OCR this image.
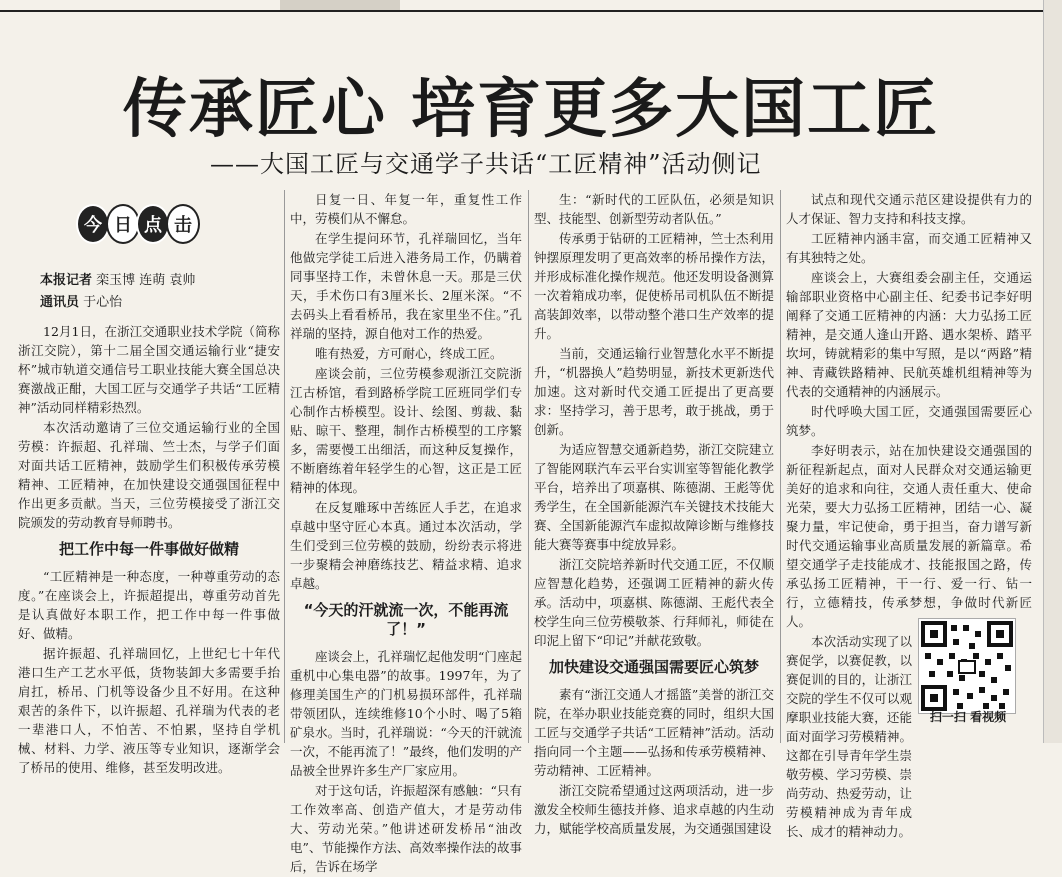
传承匠心 培育更多大国工匠
——大国工匠与交通学子共话“工匠精神”活动侧记
今 日 点 击
本报记者 栾玉博 连萌 袁帅
通讯员 于心怡

12月1日，在浙江交通职业技术学院（简称浙江交院），第十二届全国交通运输行业“捷安杯”城市轨道交通信号工职业技能大赛全国总决赛激战正酣，大国工匠与交通学子共话“工匠精神”活动同样精彩热烈。

本次活动邀请了三位交通运输行业的全国劳模：许振超、孔祥瑞、竺士杰，与学子们面对面共话工匠精神，鼓励学生们积极传承劳模精神、工匠精神，在加快建设交通强国征程中作出更多贡献。当天，三位劳模接受了浙江交院颁发的劳动教育导师聘书。

把工作中每一件事做好做精

“工匠精神是一种态度，一种尊重劳动的态度。”在座谈会上，许振超提出，尊重劳动首先是认真做好本职工作，把工作中每一件事做好、做精。

据许振超、孔祥瑞回忆，上世纪七十年代港口生产工艺水平低，货物装卸大多需要手抬肩扛，桥吊、门机等设备少且不好用。在这种艰苦的条件下，以许振超、孔祥瑞为代表的老一辈港口人，不怕苦、不怕累，坚持自学机械、材料、力学、液压等专业知识，逐渐学会了桥吊的使用、维修，甚至发明改进。

日复一日、年复一年，重复性工作中，劳模们从不懈怠。

在学生提问环节，孔祥瑞回忆，当年他做完学徒工后进入港务局工作，仍瞒着同事坚持工作，未曾休息一天。那是三伏天，手术伤口有3厘米长、2厘米深。“不去码头上看看桥吊，我在家里坐不住。”孔祥瑞的坚持，源自他对工作的热爱。

唯有热爱，方可耐心，终成工匠。

座谈会前，三位劳模参观浙江交院浙江古桥馆，看到路桥学院工匠班同学们专心制作古桥模型。设计、绘图、剪裁、黏贴、晾干、整理，制作古桥模型的工序繁多，需要慢工出细活，而这种反复操作，不断磨练着年轻学生的心智，这正是工匠精神的体现。

在反复雕琢中苦练匠人手艺，在追求卓越中坚守匠心本真。通过本次活动，学生们受到三位劳模的鼓励，纷纷表示将进一步聚精会神磨练技艺、精益求精、追求卓越。

“今天的汗就流一次，不能再流了！”

座谈会上，孔祥瑞忆起他发明“门座起重机中心集电器”的故事。1997年，为了修理美国生产的门机易损环部件，孔祥瑞带领团队，连续维修10个小时、喝了5箱矿泉水。当时，孔祥瑞说：“今天的汗就流一次，不能再流了！”最终，他们发明的产品被全世界许多生产厂家应用。

对于这句话，许振超深有感触：“只有工作效率高、创造产值大，才是劳动伟大、劳动光荣。”他讲述研发桥吊“油改电”、节能操作方法、高效率操作法的故事后，告诉在场学

生：“新时代的工匠队伍，必须是知识型、技能型、创新型劳动者队伍。”

传承勇于钻研的工匠精神，竺士杰利用钟摆原理发明了更高效率的桥吊操作方法，并形成标准化操作规范。他还发明设备测算一次着箱成功率，促使桥吊司机队伍不断提高装卸效率，以带动整个港口生产效率的提升。

当前，交通运输行业智慧化水平不断提升，“机器换人”趋势明显，新技术更新迭代加速。这对新时代交通工匠提出了更高要求：坚持学习，善于思考，敢于挑战，勇于创新。

为适应智慧交通新趋势，浙江交院建立了智能网联汽车云平台实训室等智能化教学平台，培养出了项嘉棋、陈德湖、王彪等优秀学生，在全国新能源汽车关键技术技能大赛、全国新能源汽车虚拟故障诊断与维修技能大赛等赛事中绽放异彩。

浙江交院培养新时代交通工匠，不仅顺应智慧化趋势，还强调工匠精神的薪火传承。活动中，项嘉棋、陈德湖、王彪代表全校学生向三位劳模敬茶、行拜师礼，师徒在印泥上留下“印记”并献花致敬。

加快建设交通强国需要匠心筑梦

素有“浙江交通人才摇篮”美誉的浙江交院，在举办职业技能竞赛的同时，组织大国工匠与交通学子共话“工匠精神”活动。活动指向同一个主题——弘扬和传承劳模精神、劳动精神、工匠精神。

浙江交院希望通过这两项活动，进一步激发全校师生德技并修、追求卓越的内生动力，赋能学校高质量发展，为交通强国建设

试点和现代交通示范区建设提供有力的人才保证、智力支持和科技支撑。

工匠精神内涵丰富，而交通工匠精神又有其独特之处。

座谈会上，大赛组委会副主任，交通运输部职业资格中心副主任、纪委书记李好明阐释了交通工匠精神的内涵：大力弘扬工匠精神，是交通人逢山开路、遇水架桥、踏平坎坷，铸就精彩的集中写照，是以“两路”精神、青藏铁路精神、民航英雄机组精神等为代表的交通精神的内涵展示。

时代呼唤大国工匠，交通强国需要匠心筑梦。

李好明表示，站在加快建设交通强国的新征程新起点，面对人民群众对交通运输更美好的追求和向往，交通人责任重大、使命光荣，要大力弘扬工匠精神，团结一心、凝聚力量，牢记使命，勇于担当，奋力谱写新时代交通运输事业高质量发展的新篇章。希望交通学子走技能成才、技能报国之路，传承弘扬工匠精神，干一行、爱一行、钻一行，立德精技，传承梦想，争做时代新匠人。

本次活动实现了以赛促学，以赛促教，以赛促训的目的，让浙江交院的学生不仅可以观摩职业技能大赛，还能面对面学习劳模精神。这都在引导青年学生崇敬劳模、学习劳模、崇尚劳动、热爱劳动，让劳模精神成为青年成长、成才的精神动力。

扫一扫 看视频
